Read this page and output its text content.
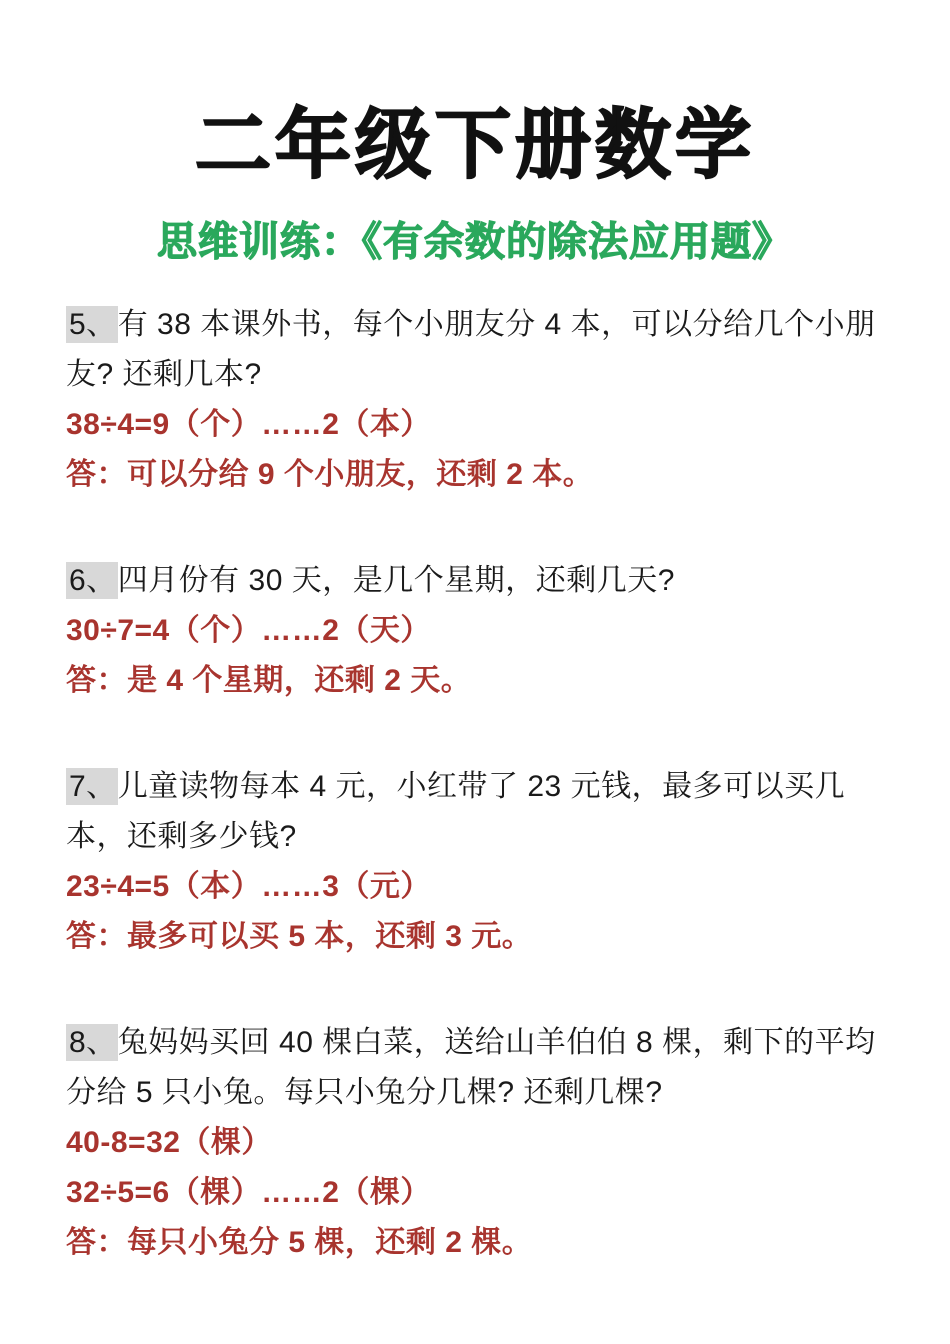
二年级下册数学
思维训练：《有余数的除法应用题》

5、有 38 本课外书，每个小朋友分 4 本，可以分给几个小朋友? 还剩几本?

38÷4=9（个）……2（本）

答：可以分给 9 个小朋友，还剩 2 本。

6、四月份有 30 天，是几个星期，还剩几天?

30÷7=4（个）……2（天）

答：是 4 个星期，还剩 2 天。

7、儿童读物每本 4 元，小红带了 23 元钱，最多可以买几本，还剩多少钱?

23÷4=5（本）……3（元）

答：最多可以买 5 本，还剩 3 元。

8、兔妈妈买回 40 棵白菜，送给山羊伯伯 8 棵，剩下的平均分给 5 只小兔。每只小兔分几棵? 还剩几棵?

40-8=32（棵）

32÷5=6（棵）……2（棵）

答：每只小兔分 5 棵，还剩 2 棵。
